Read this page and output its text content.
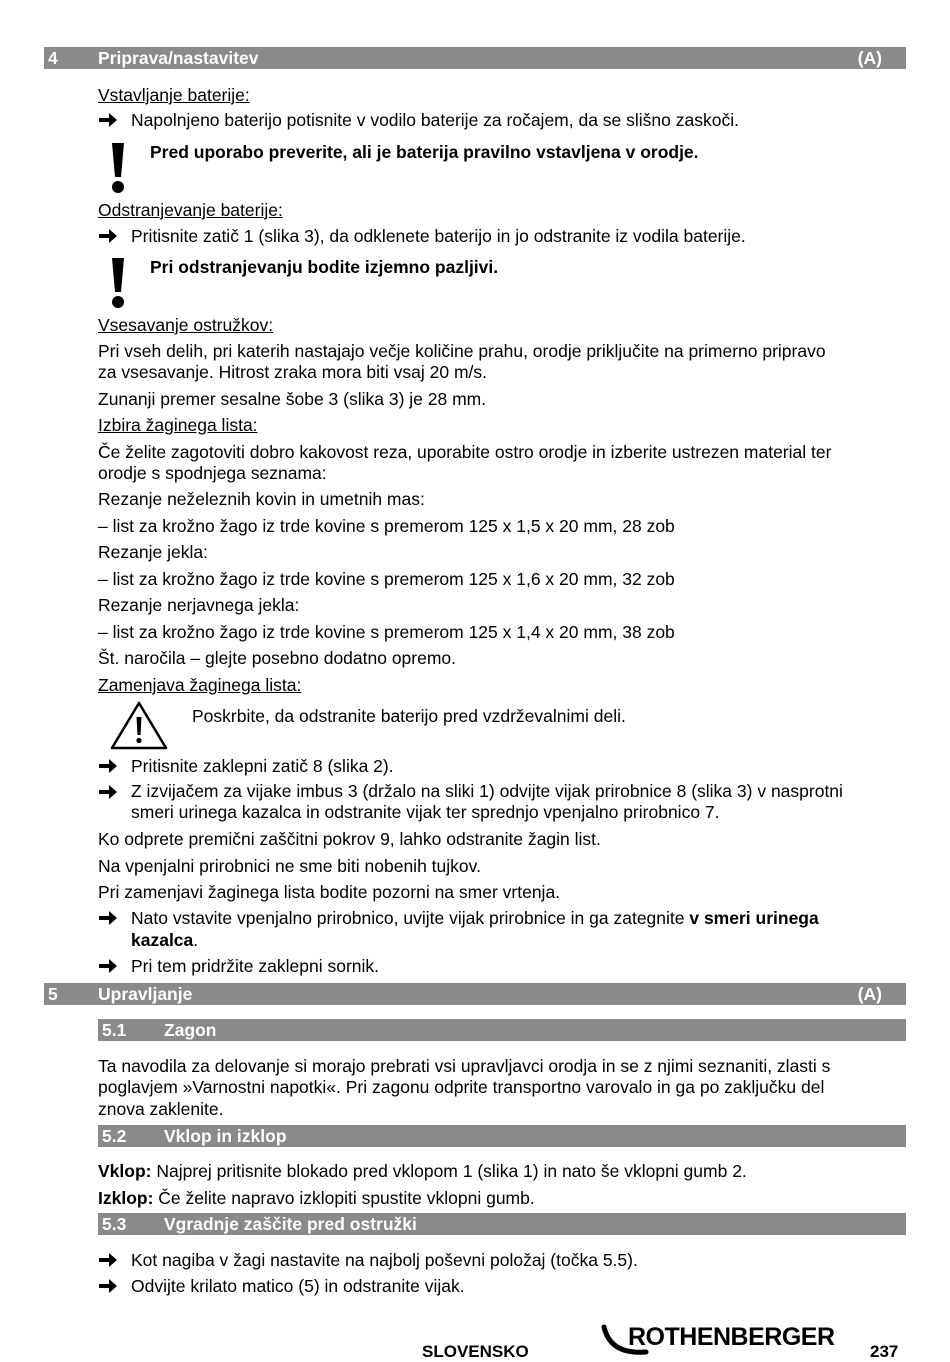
4 Priprava/nastavitev	(A)
Vstavljanje baterije:
Napolnjeno baterijo potisnite v vodilo baterije za ročajem, da se slišno zaskoči.
Pred uporabo preverite, ali je baterija pravilno vstavljena v orodje.
Odstranjevanje baterije:
Pritisnite zatič 1 (slika 3), da odklenete baterijo in jo odstranite iz vodila baterije.
Pri odstranjevanju bodite izjemno pazljivi.
Vsesavanje ostružkov:
Pri vseh delih, pri katerih nastajajo večje količine prahu, orodje priključite na primerno pripravo
za vsesavanje. Hitrost zraka mora biti vsaj 20 m/s.
Zunanji premer sesalne šobe 3 (slika 3) je 28 mm.
Izbira žaginega lista:
Če želite zagotoviti dobro kakovost reza, uporabite ostro orodje in izberite ustrezen material ter
orodje s spodnjega seznama:
Rezanje neželeznih kovin in umetnih mas:
– list za krožno žago iz trde kovine s premerom 125 x 1,5 x 20 mm, 28 zob
Rezanje jekla:
– list za krožno žago iz trde kovine s premerom 125 x 1,6 x 20 mm, 32 zob
Rezanje nerjavnega jekla:
– list za krožno žago iz trde kovine s premerom 125 x 1,4 x 20 mm, 38 zob
Št. naročila – glejte posebno dodatno opremo.
Zamenjava žaginega lista:
Poskrbite, da odstranite baterijo pred vzdrževalnimi deli.
Pritisnite zaklepni zatič 8 (slika 2).
Z izvijačem za vijake imbus 3 (držalo na sliki 1) odvijte vijak prirobnice 8 (slika 3) v nasprotni
smeri urinega kazalca in odstranite vijak ter sprednjo vpenjalno prirobnico 7.
Ko odprete premični zaščitni pokrov 9, lahko odstranite žagin list.
Na vpenjalni prirobnici ne sme biti nobenih tujkov.
Pri zamenjavi žaginega lista bodite pozorni na smer vrtenja.
Nato vstavite vpenjalno prirobnico, uvijte vijak prirobnice in ga zategnite v smeri urinega
kazalca.
Pri tem pridržite zaklepni sornik.
5 Upravljanje	(A)
5.1 Zagon
Ta navodila za delovanje si morajo prebrati vsi upravljavci orodja in se z njimi seznaniti, zlasti s
poglavjem »Varnostni napotki«. Pri zagonu odprite transportno varovalo in ga po zaključku del
znova zaklenite.
5.2 Vklop in izklop
Vklop: Najprej pritisnite blokado pred vklopom 1 (slika 1) in nato še vklopni gumb 2.
Izklop: Če želite napravo izklopiti spustite vklopni gumb.
5.3 Vgradnje zaščite pred ostružki
Kot nagiba v žagi nastavite na najbolj poševni položaj (točka 5.5).
Odvijte krilato matico (5) in odstranite vijak.
SLOVENSKO
ROTHENBERGER
237
